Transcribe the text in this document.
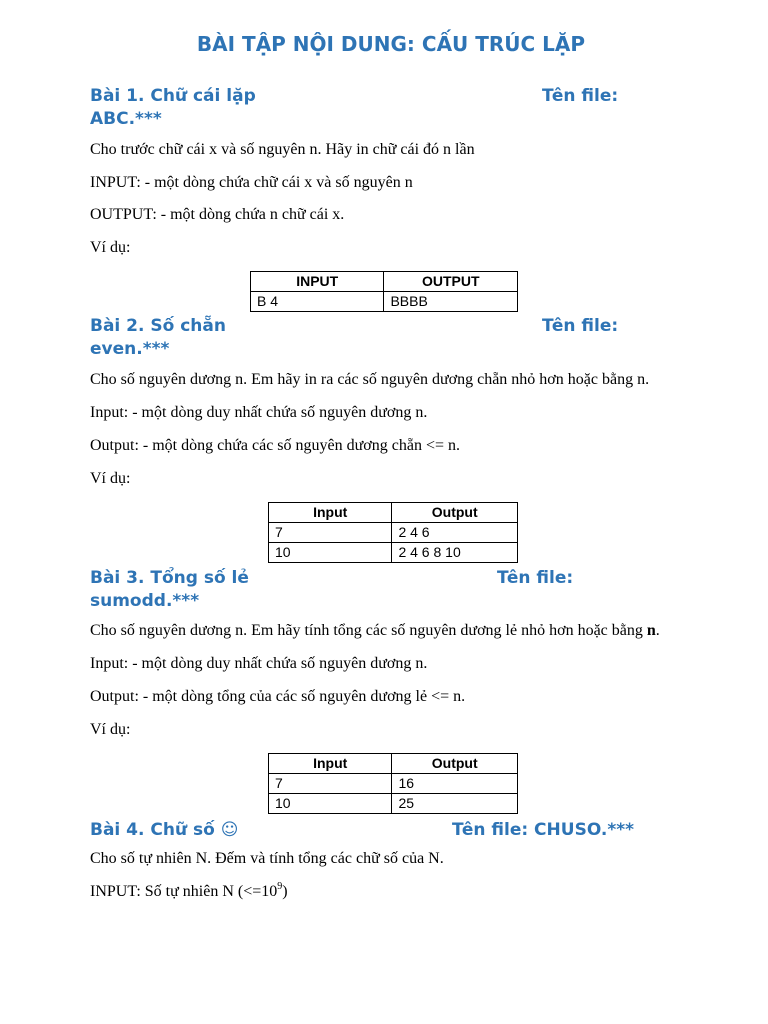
BÀI TẬP NỘI DUNG: CẤU TRÚC LẶP
Bài 1. Chữ cái lặp	Tên file:
ABC.***

Cho trước chữ cái x và số nguyên n. Hãy in chữ cái đó n lần

INPUT: - một dòng chứa chữ cái x và số nguyên n

OUTPUT: - một dòng chứa n chữ cái x.

Ví dụ:

INPUT	OUTPUT
B 4	BBBB
Bài 2. Số chẵn	Tên file:
even.***

Cho số nguyên dương n. Em hãy in ra các số nguyên dương chẵn nhỏ hơn hoặc bằng n.

Input: - một dòng duy nhất chứa số nguyên dương n.

Output: - một dòng chứa các số nguyên dương chẵn <= n.

Ví dụ:

Input	Output
7	2 4 6
10	2 4 6 8 10
Bài 3. Tổng số lẻ	Tên file:
sumodd.***

Cho số nguyên dương n. Em hãy tính tổng các số nguyên dương lẻ nhỏ hơn hoặc bằng n.

Input: - một dòng duy nhất chứa số nguyên dương n.

Output: - một dòng tổng của các số nguyên dương lẻ <= n.

Ví dụ:

Input	Output
7	16
10	25
Bài 4. Chữ số ☺	Tên file: CHUSO.***

Cho số tự nhiên N. Đếm và tính tổng các chữ số của N.

INPUT: Số tự nhiên N $(<=10^9)$
